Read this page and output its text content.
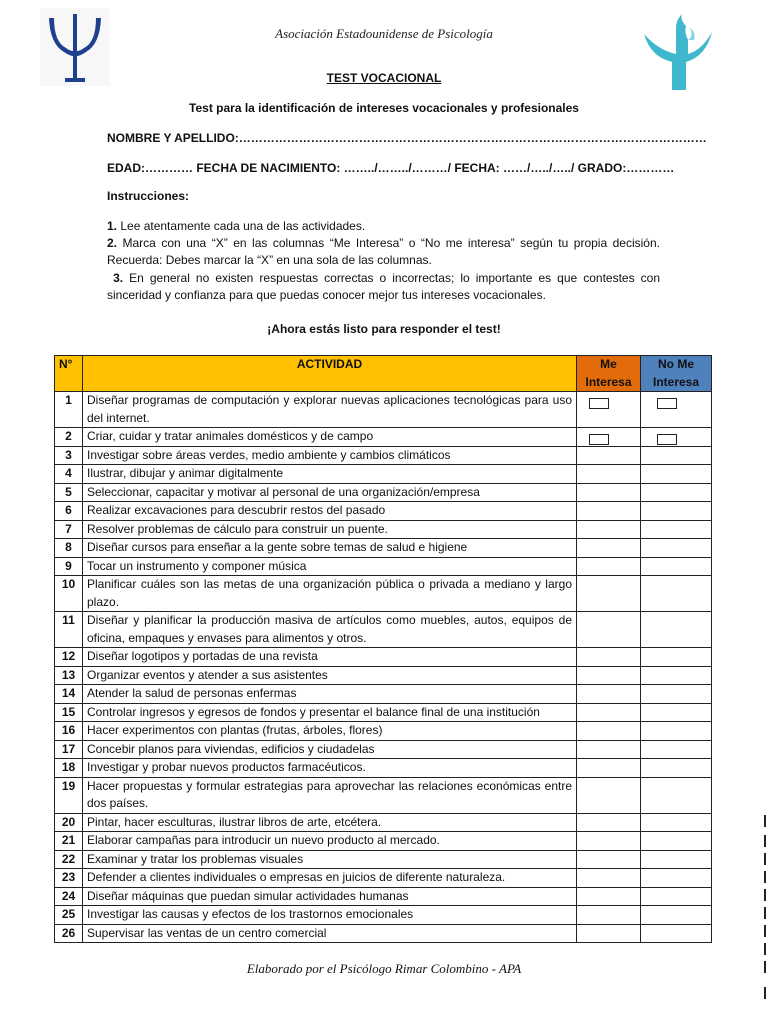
Asociación Estadounidense de Psicología
TEST VOCACIONAL
Test para la identificación de intereses vocacionales y profesionales
NOMBRE Y APELLIDO:………………………………………………………………………………………………………
EDAD:………… FECHA DE NACIMIENTO: ……../……../………/ FECHA: ……/…../…../ GRADO:…………
Instrucciones:

1. Lee atentamente cada una de las actividades.

2. Marca con una “X” en las columnas “Me Interesa” o “No me interesa” según tu propia decisión. Recuerda: Debes marcar la “X” en una sola de las columnas.

3. En general no existen respuestas correctas o incorrectas; lo importante es que contestes con sinceridad y confianza para que puedas conocer mejor tus intereses vocacionales.

¡Ahora estás listo para responder el test!
N°	ACTIVIDAD	Me Interesa	No Me Interesa
1	Diseñar programas de computación y explorar nuevas aplicaciones tecnológicas para uso del internet.	

2	Criar, cuidar y tratar animales domésticos y de campo	

3	Investigar sobre áreas verdes, medio ambiente y cambios climáticos		
4	Ilustrar, dibujar y animar digitalmente		
5	Seleccionar, capacitar y motivar al personal de una organización/empresa		
6	Realizar excavaciones para descubrir restos del pasado		
7	Resolver problemas de cálculo para construir un puente.		
8	Diseñar cursos para enseñar a la gente sobre temas de salud e higiene		
9	Tocar un instrumento y componer música		
10	Planificar cuáles son las metas de una organización pública o privada a mediano y largo plazo.		
11	Diseñar y planificar la producción masiva de artículos como muebles, autos, equipos de oficina, empaques y envases para alimentos y otros.		
12	Diseñar logotipos y portadas de una revista		
13	Organizar eventos y atender a sus asistentes		
14	Atender la salud de personas enfermas		
15	Controlar ingresos y egresos de fondos y presentar el balance final de una institución		
16	Hacer experimentos con plantas (frutas, árboles, flores)		
17	Concebir planos para viviendas, edificios y ciudadelas		
18	Investigar y probar nuevos productos farmacéuticos.		
19	Hacer propuestas y formular estrategias para aprovechar las relaciones económicas entre dos países.		
20	Pintar, hacer esculturas, ilustrar libros de arte, etcétera.		
21	Elaborar campañas para introducir un nuevo producto al mercado.		
22	Examinar y tratar los problemas visuales		
23	Defender a clientes individuales o empresas en juicios de diferente naturaleza.		
24	Diseñar máquinas que puedan simular actividades humanas		
25	Investigar las causas y efectos de los trastornos emocionales		
26	Supervisar las ventas de un centro comercial		
Elaborado por el Psicólogo Rimar Colombino - APA
